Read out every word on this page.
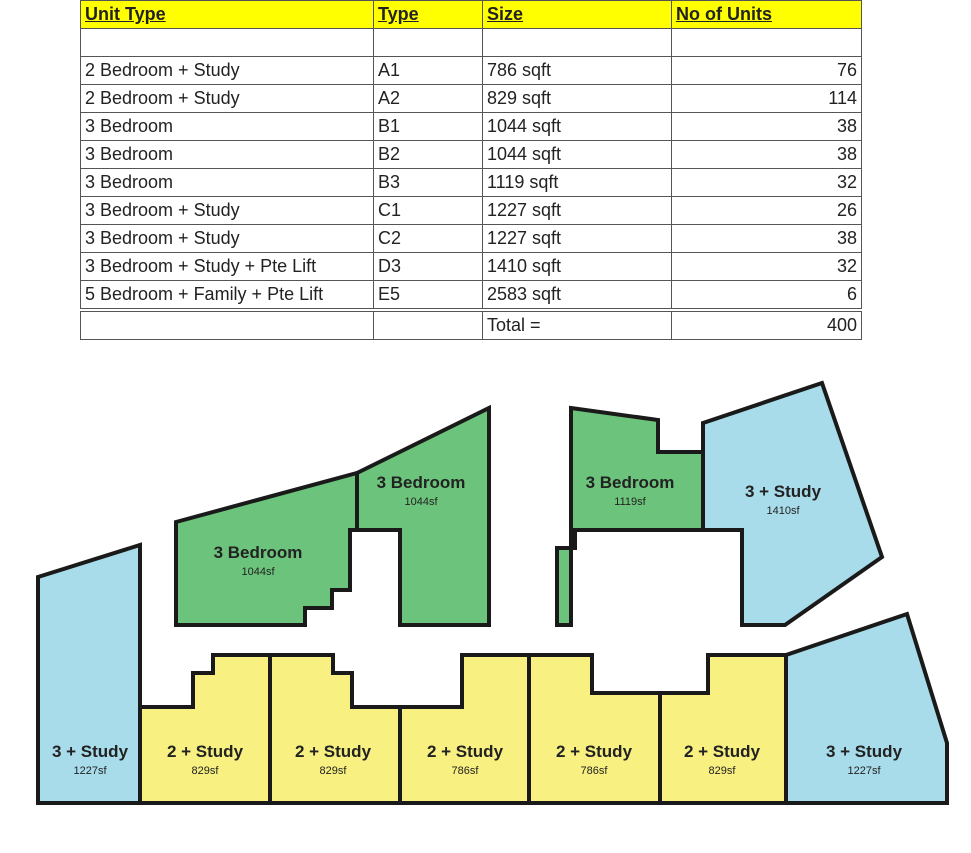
Unit Type	Type	Size	No of Units

2 Bedroom + Study	A1	786 sqft	76
2 Bedroom + Study	A2	829 sqft	114
3 Bedroom	B1	1044 sqft	38
3 Bedroom	B2	1044 sqft	38
3 Bedroom	B3	1119 sqft	32
3 Bedroom + Study	C1	1227 sqft	26
3 Bedroom + Study	C2	1227 sqft	38
3 Bedroom + Study + Pte Lift	D3	1410 sqft	32
5 Bedroom + Family + Pte Lift	E5	2583 sqft	6
		Total =	400
3 Bedroom
1044sf
3 Bedroom
1044sf
3 Bedroom
1119sf
3 + Study
1410sf
3 + Study
1227sf
2 + Study
829sf
2 + Study
829sf
2 + Study
786sf
2 + Study
786sf
2 + Study
829sf
3 + Study
1227sf
